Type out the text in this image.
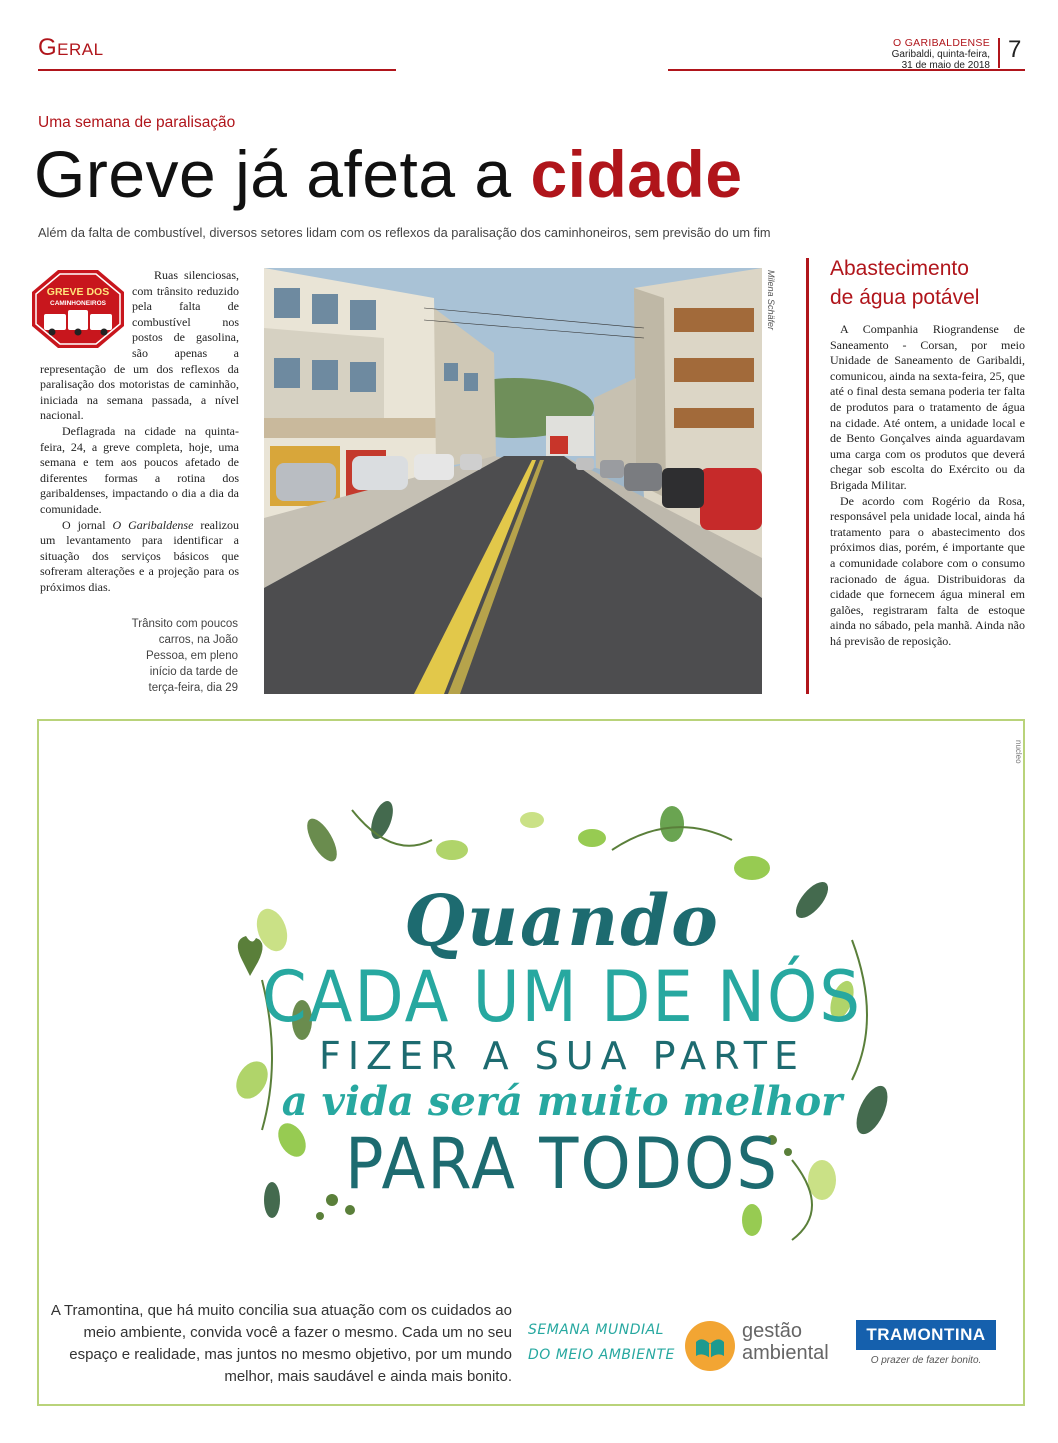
Geral	O GARIBALDENSE
Garibaldi, quinta-feira,
31 de maio de 2018
7
Uma semana de paralisação
Greve já afeta a cidade
Além da falta de combustível, diversos setores lidam com os reflexos da paralisação dos caminhoneiros, sem previsão do um fim
GREVE DOS
CAMINHONEIROS

Ruas silenciosas, com trânsito reduzido pela falta de combustível nos postos de gasolina, são apenas a representação de um dos reflexos da paralisação dos motoristas de caminhão, iniciada na semana passada, a nível nacional.

Deflagrada na cidade na quinta-feira, 24, a greve completa, hoje, uma semana e tem aos poucos afetado de diferentes formas a rotina dos garibaldenses, impactando o dia a dia da comunidade.

O jornal O Garibaldense realizou um levantamento para identificar a situação dos serviços básicos que sofreram alterações e a projeção para os próximos dias.

Trânsito com poucos carros, na João Pessoa, em pleno início da tarde de terça-feira, dia 29
Milena Schäfer
Abastecimento
de água potável

A Companhia Riograndense de Saneamento - Corsan, por meio Unidade de Saneamento de Garibaldi, comunicou, ainda na sexta-feira, 25, que até o final desta semana poderia ter falta de produtos para o tratamento de água na cidade. Até ontem, a unidade local e de Bento Gonçalves ainda aguardavam uma carga com os produtos que deverá chegar sob escolta do Exército ou da Brigada Militar.

De acordo com Rogério da Rosa, responsável pela unidade local, ainda há tratamento para o abastecimento dos próximos dias, porém, é importante que a comunidade colabore com o consumo racionado de água. Distribuidoras da cidade que fornecem água mineral em galões, registraram falta de estoque ainda no sábado, pela manhã. Ainda não há previsão de reposição.

nucleo
Quando
CADA UM DE NÓS
FIZER A SUA PARTE
a vida será muito melhor
PARA TODOS
A Tramontina, que há muito concilia sua atuação com os cuidados ao meio ambiente, convida você a fazer o mesmo. Cada um no seu espaço e realidade, mas juntos no mesmo objetivo, por um mundo melhor, mais saudável e ainda mais bonito.
SEMANA MUNDIAL
DO MEIO AMBIENTE
gestão
ambiental
TRAMONTINA
O prazer de fazer bonito.
